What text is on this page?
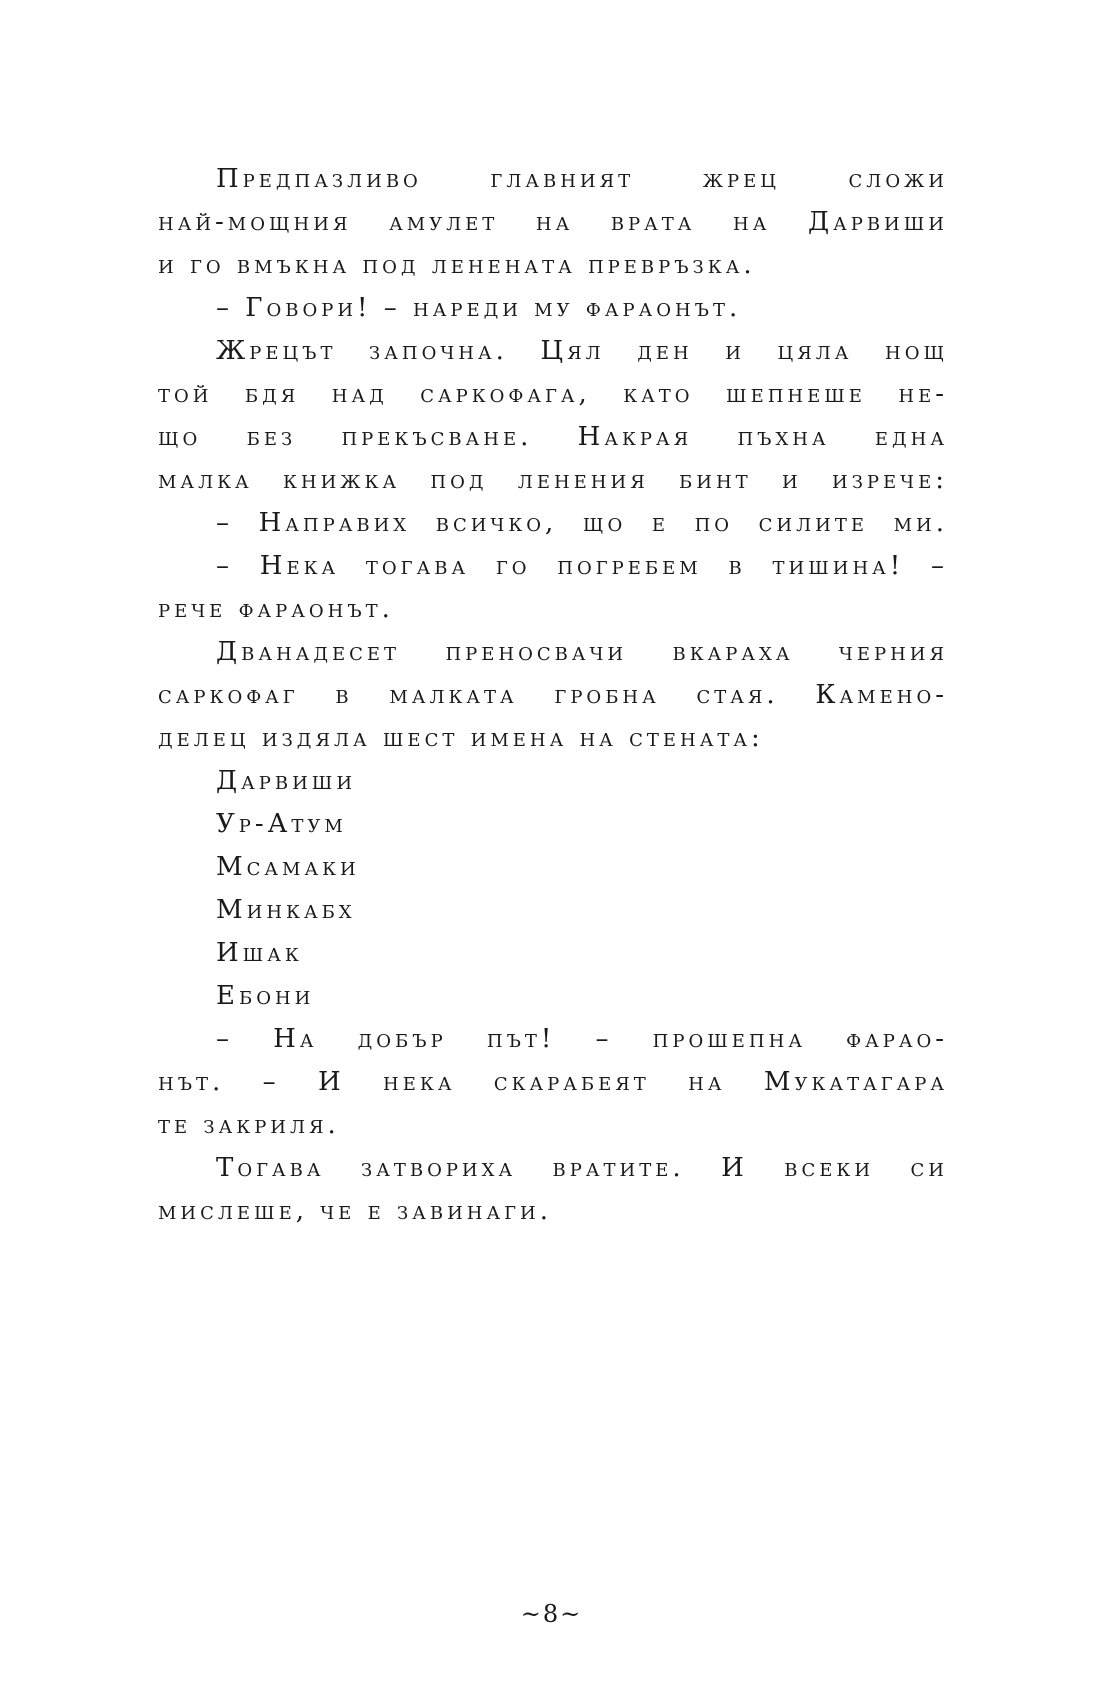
Предпазливо главният жрец сложи
най-мощния амулет на врата на Дарвиши
и го вмъкна под ленената превръзка.
– Говори! – нареди му фараонът.
Жрецът започна. Цял ден и цяла нощ
той бдя над саркофага, като шепнеше не-
що без прекъсване. Накрая пъхна една
малка книжка под ленения бинт и изрече:
– Направих всичко, що е по силите ми.
– Нека тогава го погребем в тишина! –
рече фараонът.
Дванадесет преносвачи вкараха черния
саркофаг в малката гробна стая. Камено-
делец издяла шест имена на стената:
Дарвиши
Ур-Атум
Мсамаки
Минкабх
Ишак
Ебони
– На добър път! – прошепна фарао-
нът. – И нека скарабеят на Мукатагара
те закриля.
Тогава затвориха вратите. И всеки си
мислеше, че е завинаги.
~8~
